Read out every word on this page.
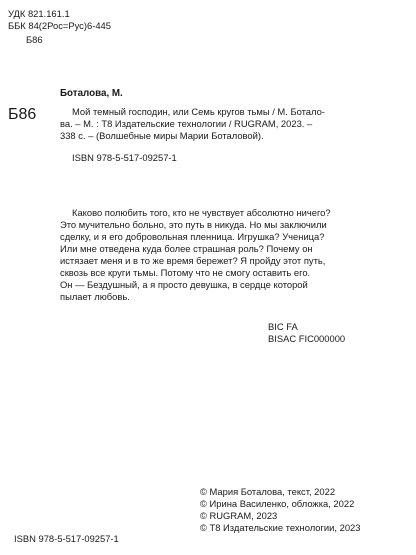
УДК 821.161.1
ББК 84(2Рос=Рус)6-445
Б86
Б86
Боталова, М.
Мой темный господин, или Семь кругов тьмы / М. Ботало-
ва. – М. : Т8 Издательские технологии / RUGRAM, 2023. –
338 с. – (Волшебные миры Марии Боталовой).
ISBN 978-5-517-09257-1
Каково полюбить того, кто не чувствует абсолютно ничего?
Это мучительно больно, это путь в никуда. Но мы заключили
сделку, и я его добровольная пленница. Игрушка? Ученица?
Или мне отведена куда более страшная роль? Почему он
истязает меня и в то же время бережет? Я пройду этот путь,
сквозь все круги тьмы. Потому что не смогу оставить его.
Он — Бездушный, а я просто девушка, в сердце которой
пылает любовь.
BIC FA
BISAC FIC000000
ISBN 978-5-517-09257-1
© Мария Боталова, текст, 2022
© Ирина Василенко, обложка, 2022
© RUGRAM, 2023
© Т8 Издательские технологии, 2023
